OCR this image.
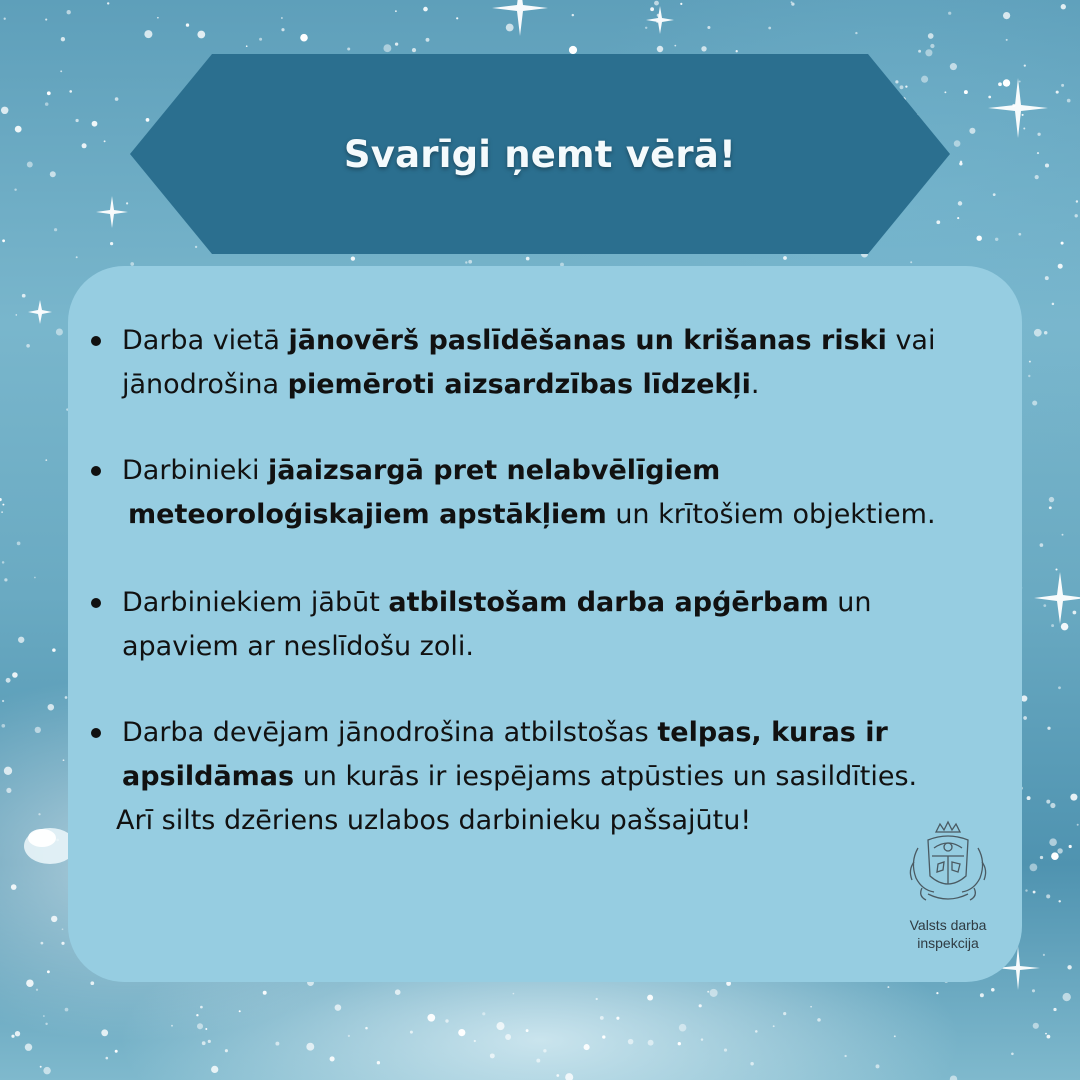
Svarīgi ņemt vērā!
Darba vietā jānovērš paslīdēšanas un krišanas riski vai
jānodrošina piemēroti aizsardzības līdzekļi.
Darbinieki jāaizsargā pret nelabvēlīgiem
meteoroloģiskajiem apstākļiem un krītošiem objektiem.
Darbiniekiem jābūt atbilstošam darba apģērbam un
apaviem ar neslīdošu zoli.
Darba devējam jānodrošina atbilstošas telpas, kuras ir
apsildāmas un kurās ir iespējams atpūsties un sasildīties.
Arī silts dzēriens uzlabos darbinieku pašsajūtu!
Valsts darba
inspekcija
